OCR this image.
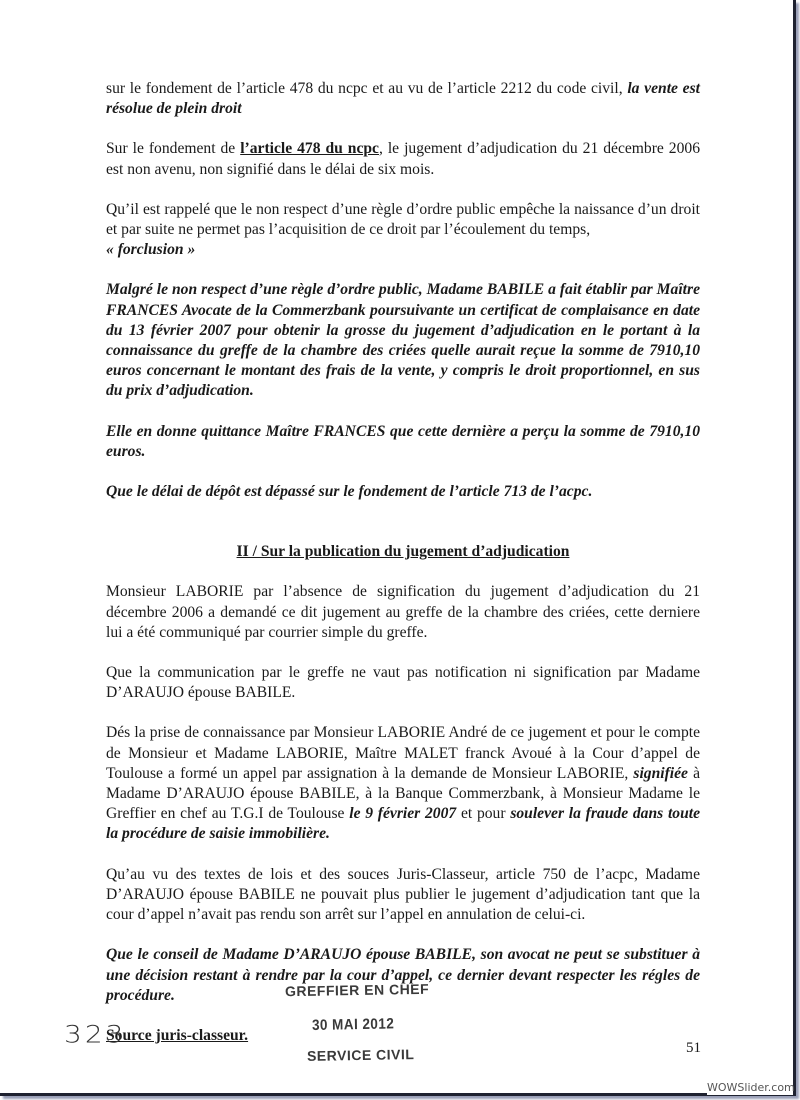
sur le fondement de l’article 478 du ncpc et au vu de l’article 2212 du code civil, la vente est résolue de plein droit

Sur le fondement de l’article 478 du ncpc, le jugement d’adjudication du 21 décembre 2006 est non avenu, non signifié dans le délai de six mois.

Qu’il est rappelé que le non respect d’une règle d’ordre public empêche la naissance d’un droit et par suite ne permet pas l’acquisition de ce droit par l’écoulement du temps,
« forclusion »

Malgré le non respect d’une règle d’ordre public, Madame BABILE a fait établir par Maître FRANCES Avocate de la Commerzbank poursuivante un certificat de complaisance en date du 13 février 2007 pour obtenir la grosse du jugement d’adjudication en le portant à la connaissance du greffe de la chambre des criées quelle aurait reçue la somme de 7910,10 euros concernant le montant des frais de la vente, y compris le droit proportionnel, en sus du prix d’adjudication.

Elle en donne quittance Maître FRANCES que cette dernière a perçu la somme de 7910,10 euros.

Que le délai de dépôt est dépassé sur le fondement de l’article 713 de l’acpc.

II / Sur la publication du jugement d’adjudication

Monsieur LABORIE par l’absence de signification du jugement d’adjudication du 21 décembre 2006 a demandé ce dit jugement au greffe de la chambre des criées, cette derniere lui a été communiqué par courrier simple du greffe.

Que la communication par le greffe ne vaut pas notification ni signification par Madame D’ARAUJO épouse BABILE.

Dés la prise de connaissance par Monsieur LABORIE André de ce jugement et pour le compte de Monsieur et Madame LABORIE, Maître MALET franck Avoué à la Cour d’appel de Toulouse a formé un appel par assignation à la demande de Monsieur LABORIE, signifiée à Madame D’ARAUJO épouse BABILE, à la Banque Commerzbank, à Monsieur Madame le Greffier en chef au T.G.I de Toulouse le 9 février 2007 et pour soulever la fraude dans toute la procédure de saisie immobilière.

Qu’au vu des textes de lois et des souces Juris-Classeur, article 750 de l’acpc, Madame D’ARAUJO épouse BABILE ne pouvait plus publier le jugement d’adjudication tant que la cour d’appel n’avait pas rendu son arrêt sur l’appel en annulation de celui-ci.

Que le conseil de Madame D’ARAUJO épouse BABILE, son avocat ne peut se substituer à une décision restant à rendre par la cour d’appel, ce dernier devant respecter les régles de procédure.

Source juris-classeur.

323
GREFFIER EN CHEF
30 MAI 2012
SERVICE CIVIL	51
WOWSlider.com
